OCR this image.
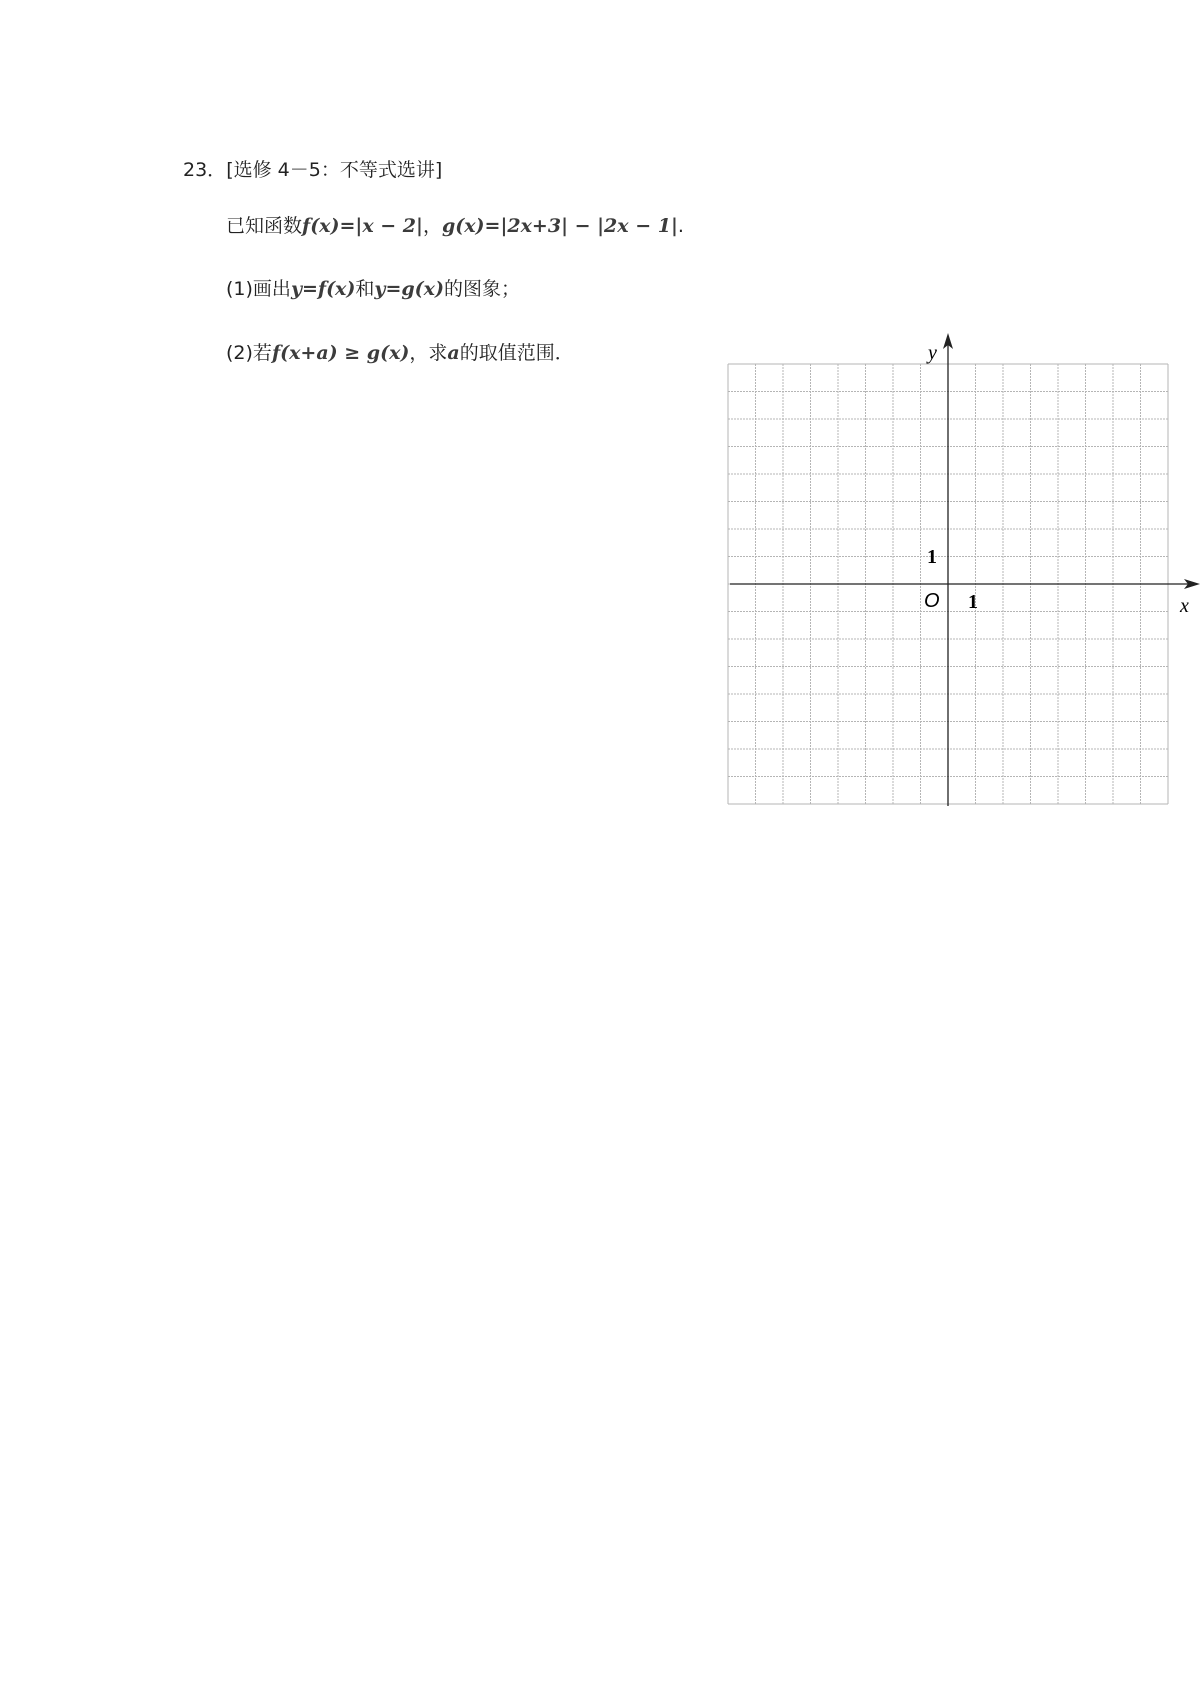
23．[选修 4－5：不等式选讲]
已知函数f(x)=|x − 2|，g(x)=|2x+3| − |2x − 1|.
(1)画出y=f(x)和y=g(x)的图象；
(2)若f(x+a) ≥ g(x)，求a的取值范围．	y
x
O 1
1
